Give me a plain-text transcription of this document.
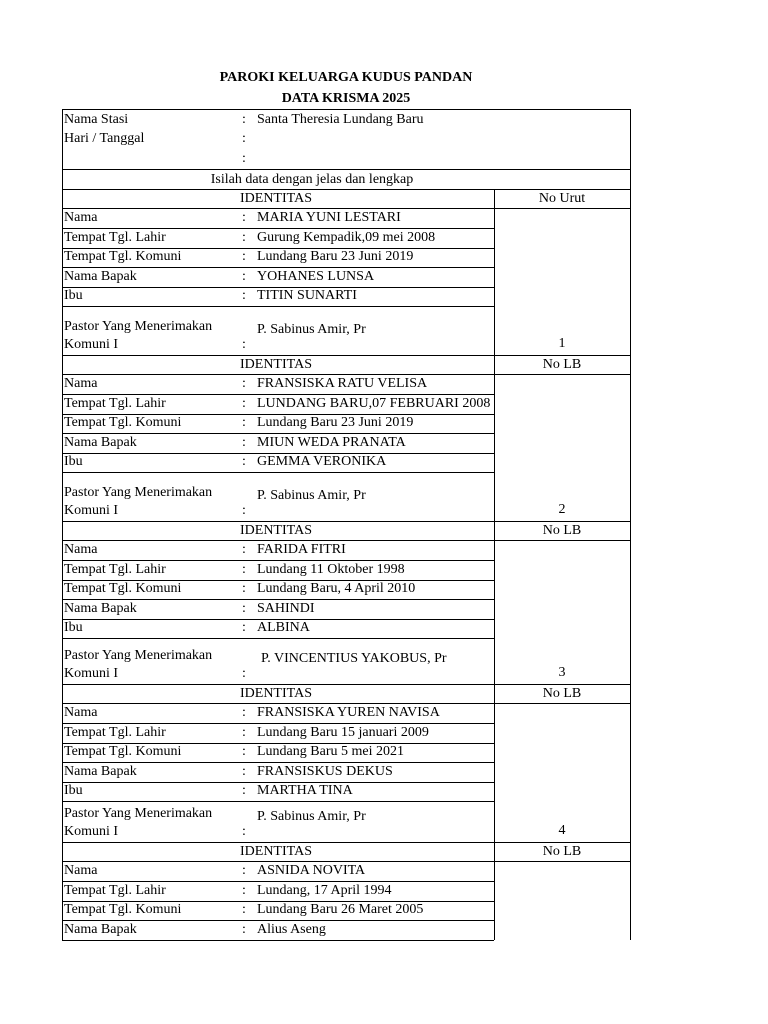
PAROKI KELUARGA KUDUS PANDAN
DATA KRISMA 2025
Nama Stasi	: Santa Theresia Lundang Baru
Hari / Tanggal	:
:
Isilah data dengan jelas dan lengkap
IDENTITAS	No Urut
Nama	: MARIA YUNI LESTARI
Tempat Tgl. Lahir	: Gurung Kempadik,09 mei 2008
Tempat Tgl. Komuni	: Lundang Baru 23 Juni 2019
Nama Bapak	: YOHANES LUNSA
Ibu	: TITIN SUNARTI
Pastor Yang Menerimakan
Komuni I	:
P. Sabinus Amir, Pr
1
IDENTITAS	No LB
Nama	: FRANSISKA RATU VELISA
Tempat Tgl. Lahir	: LUNDANG BARU,07 FEBRUARI 2008
Tempat Tgl. Komuni	: Lundang Baru 23 Juni 2019
Nama Bapak	: MIUN WEDA PRANATA
Ibu	: GEMMA VERONIKA
Pastor Yang Menerimakan
Komuni I	:
P. Sabinus Amir, Pr
2
IDENTITAS	No LB
Nama	: FARIDA FITRI
Tempat Tgl. Lahir	: Lundang 11 Oktober 1998
Tempat Tgl. Komuni	: Lundang Baru, 4 April 2010
Nama Bapak	: SAHINDI
Ibu	: ALBINA
Pastor Yang Menerimakan
Komuni I	:
P. VINCENTIUS YAKOBUS, Pr
3
IDENTITAS	No LB
Nama	: FRANSISKA YUREN NAVISA
Tempat Tgl. Lahir	: Lundang Baru 15 januari 2009
Tempat Tgl. Komuni	: Lundang Baru 5 mei 2021
Nama Bapak	: FRANSISKUS DEKUS
Ibu	: MARTHA TINA
Pastor Yang Menerimakan
Komuni I	:
P. Sabinus Amir, Pr
4
IDENTITAS	No LB
Nama	: ASNIDA NOVITA
Tempat Tgl. Lahir	: Lundang, 17 April 1994
Tempat Tgl. Komuni	: Lundang Baru 26 Maret 2005
Nama Bapak	: Alius Aseng
